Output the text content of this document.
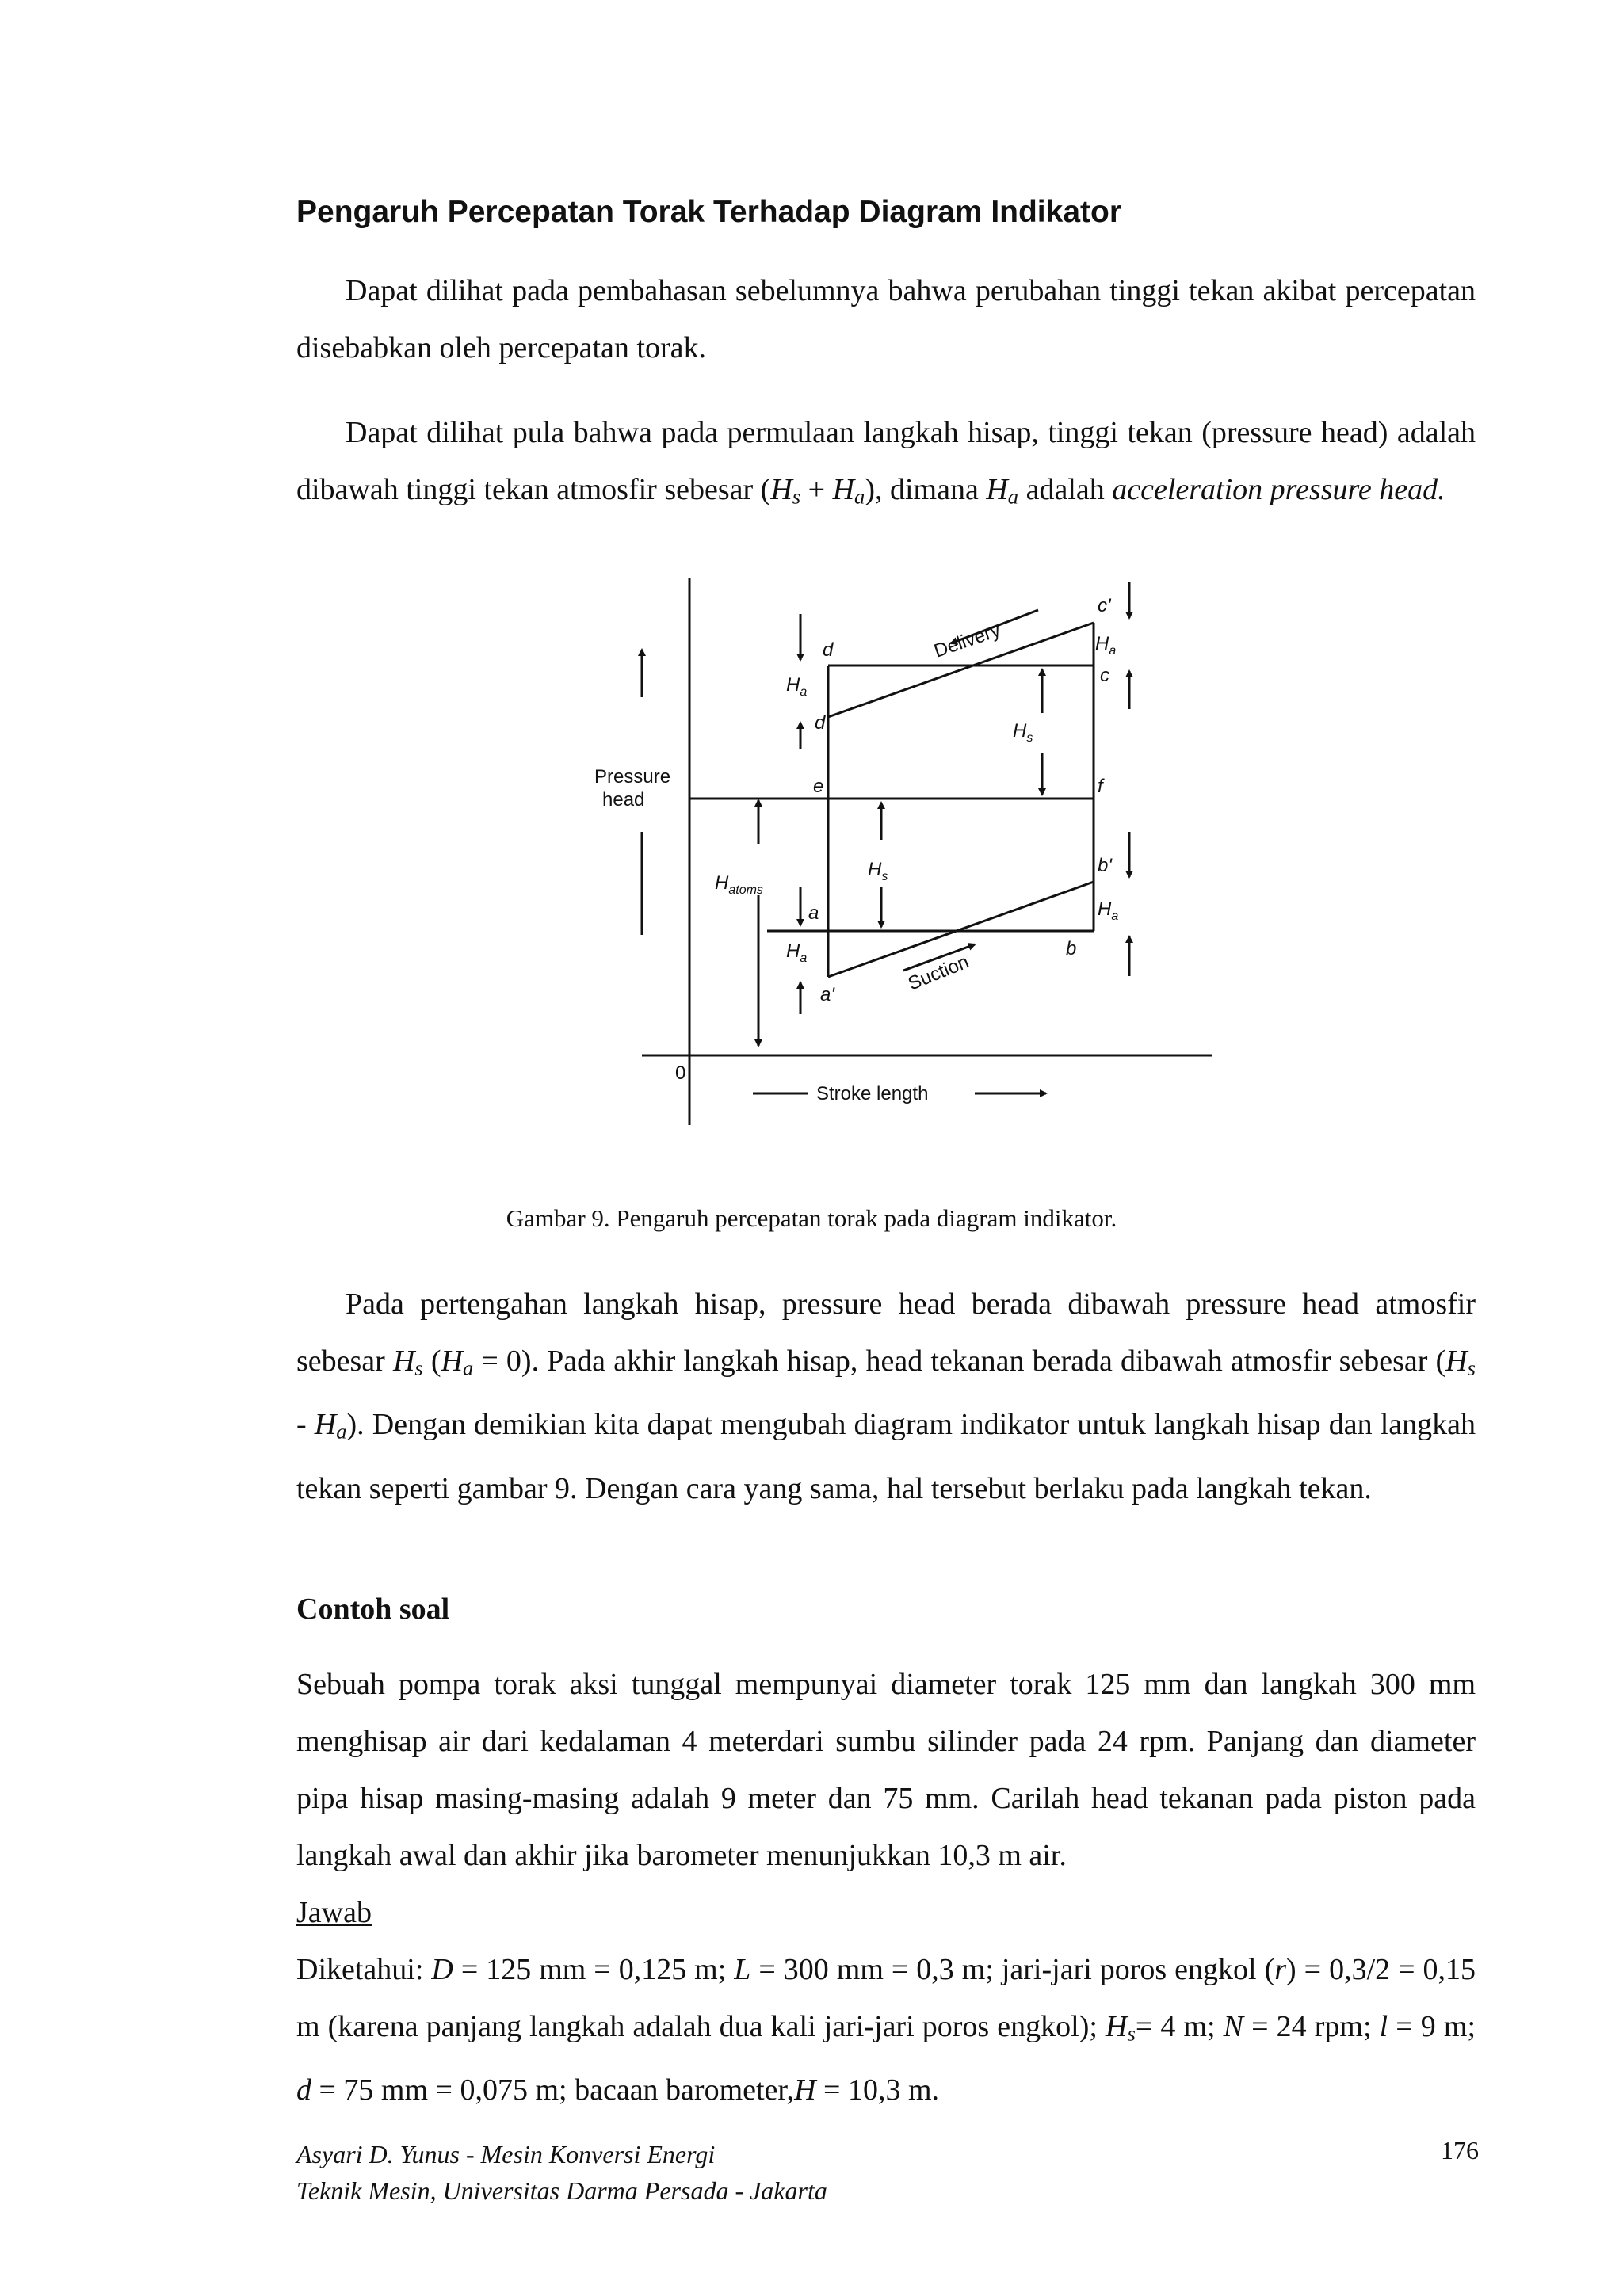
Pengaruh Percepatan Torak Terhadap Diagram Indikator

Dapat dilihat pada pembahasan sebelumnya bahwa perubahan tinggi tekan akibat percepatan disebabkan oleh percepatan torak.

Dapat dilihat pula bahwa pada permulaan langkah hisap, tinggi tekan (pressure head) adalah dibawah tinggi tekan atmosfir sebesar $(H_s + H_a)$, dimana $H_a$ adalah acceleration pressure head.

Pressure
head
0
Stroke length
Delivery
Suction
d
d'
e
a
a'
c'
c
f
b'
b
$H_a$
$H_a$
$H_s$
$H_s$
$H_{atoms}$
$H_a$
$H_a$
Gambar 9. Pengaruh percepatan torak pada diagram indikator.

Pada pertengahan langkah hisap, pressure head berada dibawah pressure head atmosfir sebesar $H_s$ $(H_a = 0)$. Pada akhir langkah hisap, head tekanan berada dibawah atmosfir sebesar $(H_s - H_a)$. Dengan demikian kita dapat mengubah diagram indikator untuk langkah hisap dan langkah tekan seperti gambar 9. Dengan cara yang sama, hal tersebut berlaku pada langkah tekan.

Contoh soal

Sebuah pompa torak aksi tunggal mempunyai diameter torak 125 mm dan langkah 300 mm menghisap air dari kedalaman 4 meterdari sumbu silinder pada 24 rpm. Panjang dan diameter pipa hisap masing-masing adalah 9 meter dan 75 mm. Carilah head tekanan pada piston pada langkah awal dan akhir jika barometer menunjukkan 10,3 m air.

Jawab

Diketahui: D = 125 mm = 0,125 m; L = 300 mm = 0,3 m; jari-jari poros engkol (r) = 0,3/2 = 0,15 m (karena panjang langkah adalah dua kali jari-jari poros engkol); $H_s= 4$ m; N = 24 rpm; l = 9 m; d = 75 mm = 0,075 m; bacaan barometer,H = 10,3 m.

Asyari D. Yunus - Mesin Konversi Energi
Teknik Mesin, Universitas Darma Persada - Jakarta
176
